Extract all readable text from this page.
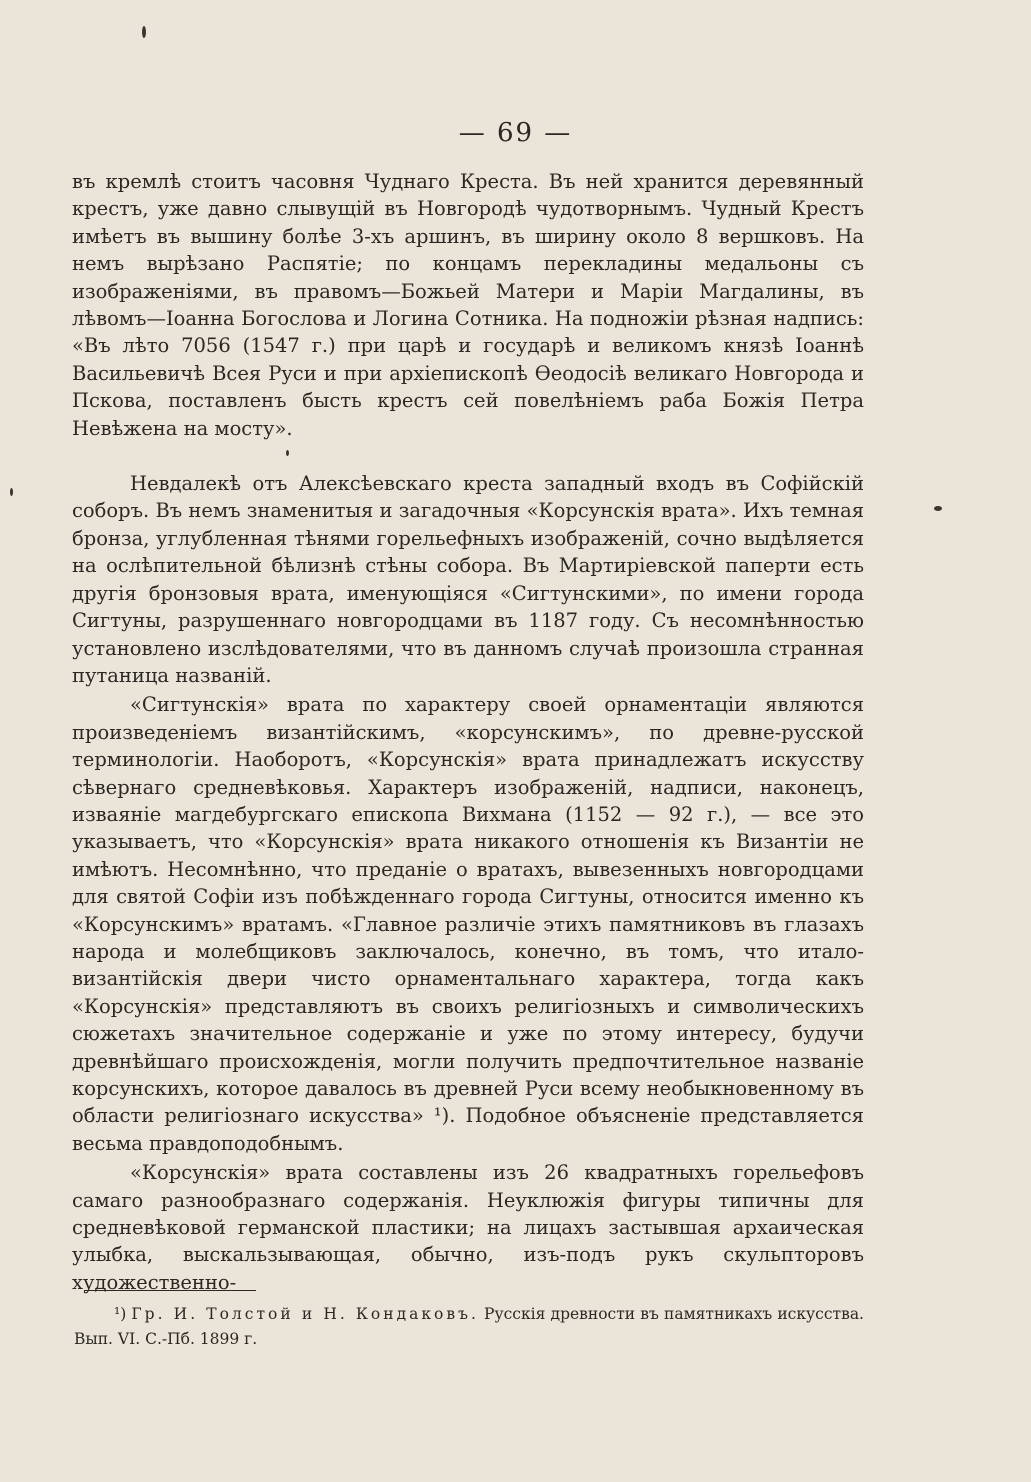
— 69 —

въ кремлѣ стоитъ часовня Чуднаго Креста. Въ ней хранится деревянный крестъ, уже давно слывущій въ Новгородѣ чудотворнымъ. Чудный Крестъ имѣетъ въ вышину болѣе 3-хъ аршинъ, въ ширину около 8 вершковъ. На немъ вырѣзано Распятіе; по концамъ перекладины медальоны съ изображеніями, въ правомъ—Божьей Матери и Маріи Магдалины, въ лѣвомъ—Іоанна Богослова и Логина Сотника. На подножіи рѣзная надпись: «Въ лѣто 7056 (1547 г.) при царѣ и государѣ и великомъ князѣ Іоаннѣ Васильевичѣ Всея Руси и при архіепископѣ Ѳеодосіѣ великаго Новгорода и Пскова, поставленъ бысть крестъ сей повелѣніемъ раба Божія Петра Невѣжена на мосту».

Невдалекѣ отъ Алексѣевскаго креста западный входъ въ Софійскій соборъ. Въ немъ знаменитыя и загадочныя «Корсунскія врата». Ихъ темная бронза, углубленная тѣнями горельефныхъ изображеній, сочно выдѣляется на ослѣпительной бѣлизнѣ стѣны собора. Въ Мартиріевской паперти есть другія бронзовыя врата, именующіяся «Сигтунскими», по имени города Сигтуны, разрушеннаго новгородцами въ 1187 году. Съ несомнѣнностью установлено изслѣдователями, что въ данномъ случаѣ произошла странная путаница названій.

«Сигтунскія» врата по характеру своей орнаментаціи являются произведеніемъ византійскимъ, «корсунскимъ», по древне-русской терминологіи. Наоборотъ, «Корсунскія» врата принадлежатъ искусству сѣвернаго средневѣковья. Характеръ изображеній, надписи, наконецъ, изваяніе магдебургскаго епископа Вихмана (1152 — 92 г.), — все это указываетъ, что «Корсунскія» врата никакого отношенія къ Византіи не имѣютъ. Несомнѣнно, что преданіе о вратахъ, вывезенныхъ новгородцами для святой Софіи изъ побѣжденнаго города Сигтуны, относится именно къ «Корсунскимъ» вратамъ. «Главное различіе этихъ памятниковъ въ глазахъ народа и молебщиковъ заключалось, конечно, въ томъ, что итало-византійскія двери чисто орнаментальнаго характера, тогда какъ «Корсунскія» представляютъ въ своихъ религіозныхъ и символическихъ сюжетахъ значительное содержаніе и уже по этому интересу, будучи древнѣйшаго происхожденія, могли получить предпочтительное названіе корсунскихъ, которое давалось въ древней Руси всему необыкновенному въ области религіознаго искусства» ¹). Подобное объясненіе представляется весьма правдоподобнымъ.

«Корсунскія» врата составлены изъ 26 квадратныхъ горельефовъ самаго разнообразнаго содержанія. Неуклюжія фигуры типичны для средневѣковой германской пластики; на лицахъ застывшая архаическая улыбка, выскальзывающая, обычно, изъ-подъ рукъ скульпторовъ художественно-

¹) Гр. И. Толстой и Н. Кондаковъ. Русскія древности въ памятникахъ искусства. Вып. VI. С.-Пб. 1899 г.
